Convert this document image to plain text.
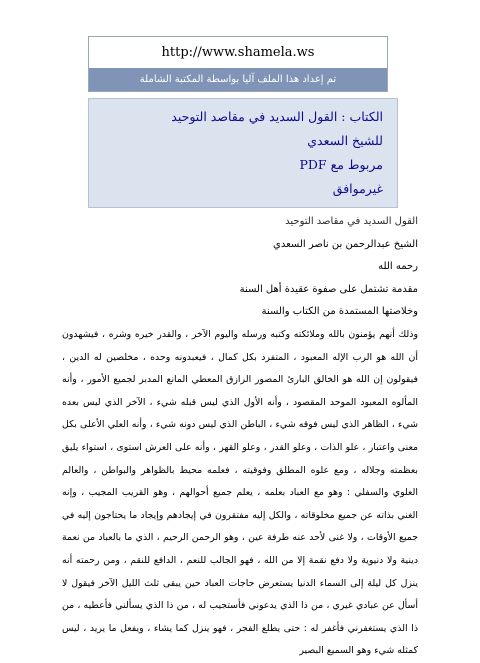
http://www.shamela.ws
تم إعداد هذا الملف آليا بواسطة المكتبة الشاملة
الكتاب : القول السديد في مقاصد التوحيد
للشيخ السعدي
مربوط مع PDF
غيرموافق
القول السديد في مقاصد التوحيد
الشيخ عبدالرحمن بن ناصر السعدي
رحمه الله
مقدمة تشتمل على صفوة عقيدة أهل السنة
وخلاصتها المستمدة من الكتاب والسنة
وذلك أنهم يؤمنون بالله وملائكته وكتبه ورسله واليوم الآخر ، والقدر خيره وشره ، فيشهدون أن الله هو الرب الإله المعبود ، المتفرد بكل كمال ، فيعبدونه وحده ، مخلصين له الدين ، فيقولون إن الله هو الخالق البارئ المصور الرازق المعطي المانع المدبر لجميع الأمور ، وأنه المألوه المعبود الموحد المقصود ، وأنه الأول الذي ليس قبله شيء ، الآخر الذي ليس بعده شيء ، الظاهر الذي ليس فوقه شيء ، الباطن الذي ليس دونه شيء ، وأنه العلي الأعلى بكل معنى واعتبار ، علو الذات ، وعلو القدر ، وعلو القهر ، وأنه على العرش استوى ، استواء يليق بعظمته وجلاله ، ومع علوه المطلق وفوقيته ، فعلمه محيط بالظواهر والبواطن ، والعالم العلوي والسفلي : وهو مع العباد بعلمه ، يعلم جميع أحوالهم ، وهو القريب المجيب ، وإنه الغني بذاته عن جميع مخلوقاته ، والكل إليه مفتقرون في إيجادهم وإيجاد ما يحتاجون إليه في جميع الأوقات ، ولا غنى لأحد عنه طرفة عين ، وهو الرحمن الرحيم ، الذي ما بالعباد من نعمة دينية ولا دنيوية ولا دفع نقمة إلا من الله ، فهو الجالب للنعم ، الدافع للنقم ، ومن رحمته أنه ينزل كل ليلة إلى السماء الدنيا يستعرض حاجات العباد حين يبقى ثلث الليل الآخر فيقول لا أسأل عن عبادي غيري ، من ذا الذي يدعوني فأستجيب له ، من ذا الذي يسألني فأعطيه ، من ذا الذي يستغفرني فأغفر له : حتى يطلع الفجر ، فهو ينزل كما يشاء ، ويفعل ما يريد ، ليس كمثله شيء وهو السميع البصير
